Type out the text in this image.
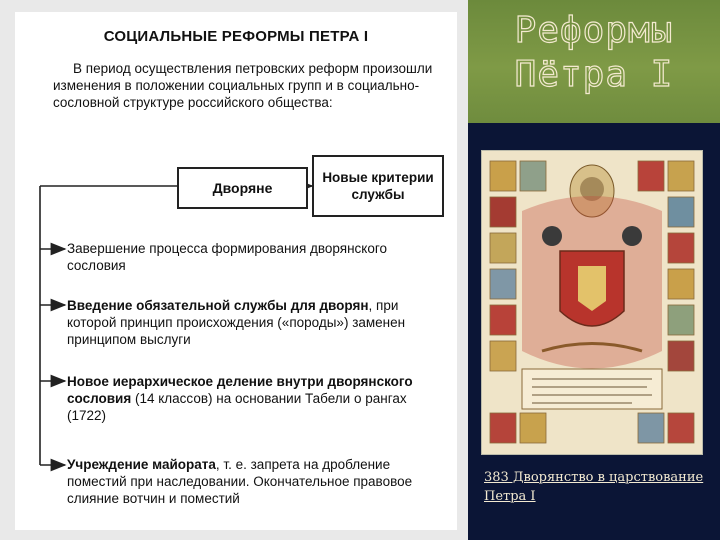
СОЦИАЛЬНЫЕ РЕФОРМЫ ПЕТРА I
В период осуществления петровских реформ произошли изменения в положении социальных групп и в социально-сословной структуре российского общества:
Дворяне
Новые критерии службы
Завершение процесса формирования дворянского сословия
Введение обязательной службы для дворян, при которой принцип происхождения («породы») заменен принципом выслуги
Новое иерархическое деление внутри дворянского сословия (14 классов) на основании Табели о рангах (1722)
Учреждение майората, т. е. запрета на дробление поместий при наследовании. Окончательное правовое слияние вотчин и поместий
Реформы
Пётра I
383 Дворянство в царствование Петра I
